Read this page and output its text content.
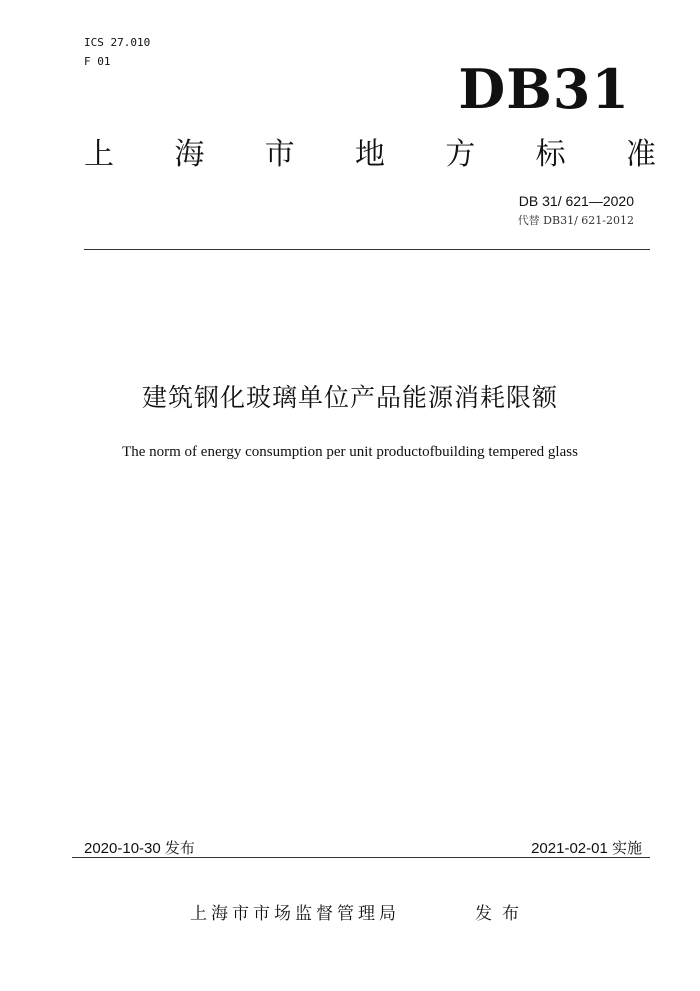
ICS 27.010
F 01	DB31
上 海 市 地 方 标 准
DB 31/ 621—2020
代替 DB31/ 621-2012
建筑钢化玻璃单位产品能源消耗限额
The norm of energy consumption per unit productofbuilding tempered glass
2020-10-30 发布	2021-02-01 实施
上海市市场监督管理局	发布
